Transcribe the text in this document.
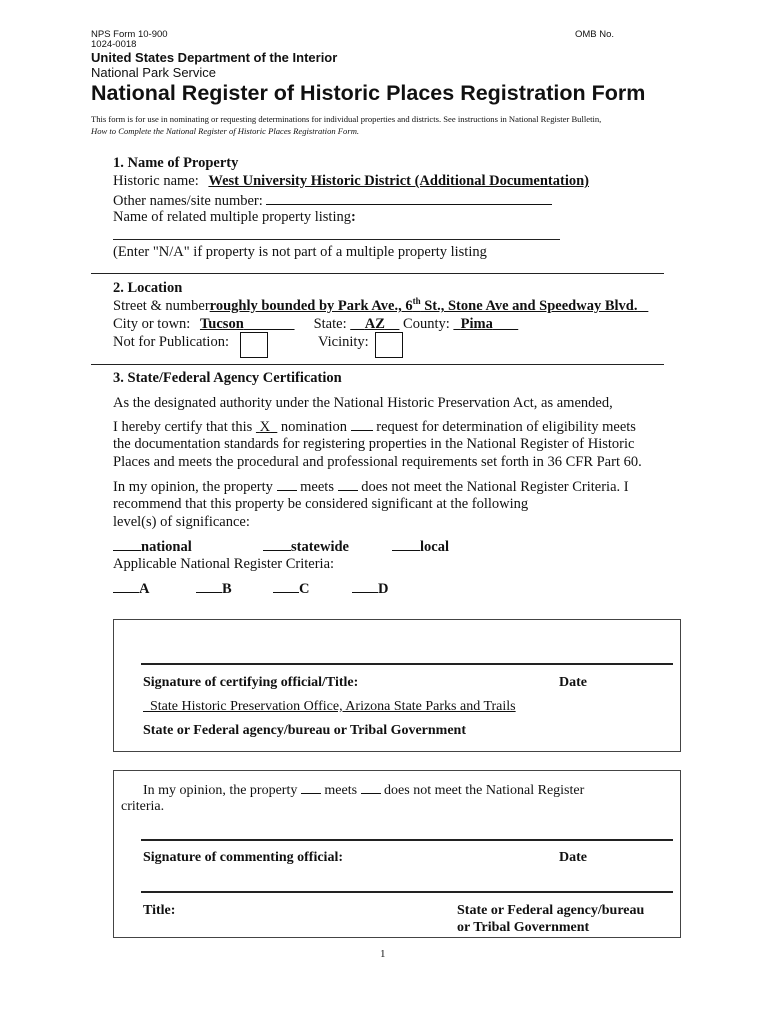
NPS Form 10-900	OMB No.
1024-0018
United States Department of the Interior
National Park Service
National Register of Historic Places Registration Form
This form is for use in nominating or requesting determinations for individual properties and districts. See instructions in National Register Bulletin,
How to Complete the National Register of Historic Places Registration Form.
1. Name of Property
Historic name: West University Historic District (Additional Documentation)
Other names/site number:
Name of related multiple property listing:
(Enter "N/A" if property is not part of a multiple property listing
2. Location
Street & numberroughly bounded by Park Ave., 6th St., Stone Ave and Speedway Blvd.
City or town: Tucson	State: AZ County: Pima
Not for Publication:	Vicinity:
3. State/Federal Agency Certification
As the designated authority under the National Historic Preservation Act, as amended,
I hereby certify that this  X   nomination  request for determination of eligibility meets
the documentation standards for registering properties in the National Register of Historic
Places and meets the procedural and professional requirements set forth in 36 CFR Part 60.
In my opinion, the property  meets  does not meet the National Register Criteria. I
recommend that this property be considered significant at the following
level(s) of significance:
national	statewide	local
Applicable National Register Criteria:
A	B	C	D
Signature of certifying official/Title:	Date
State Historic Preservation Office, Arizona State Parks and Trails
State or Federal agency/bureau or Tribal Government
In my opinion, the property  meets  does not meet the National Register
criteria.
Signature of commenting official:	Date
Title:	State or Federal agency/bureau
or Tribal Government
1
